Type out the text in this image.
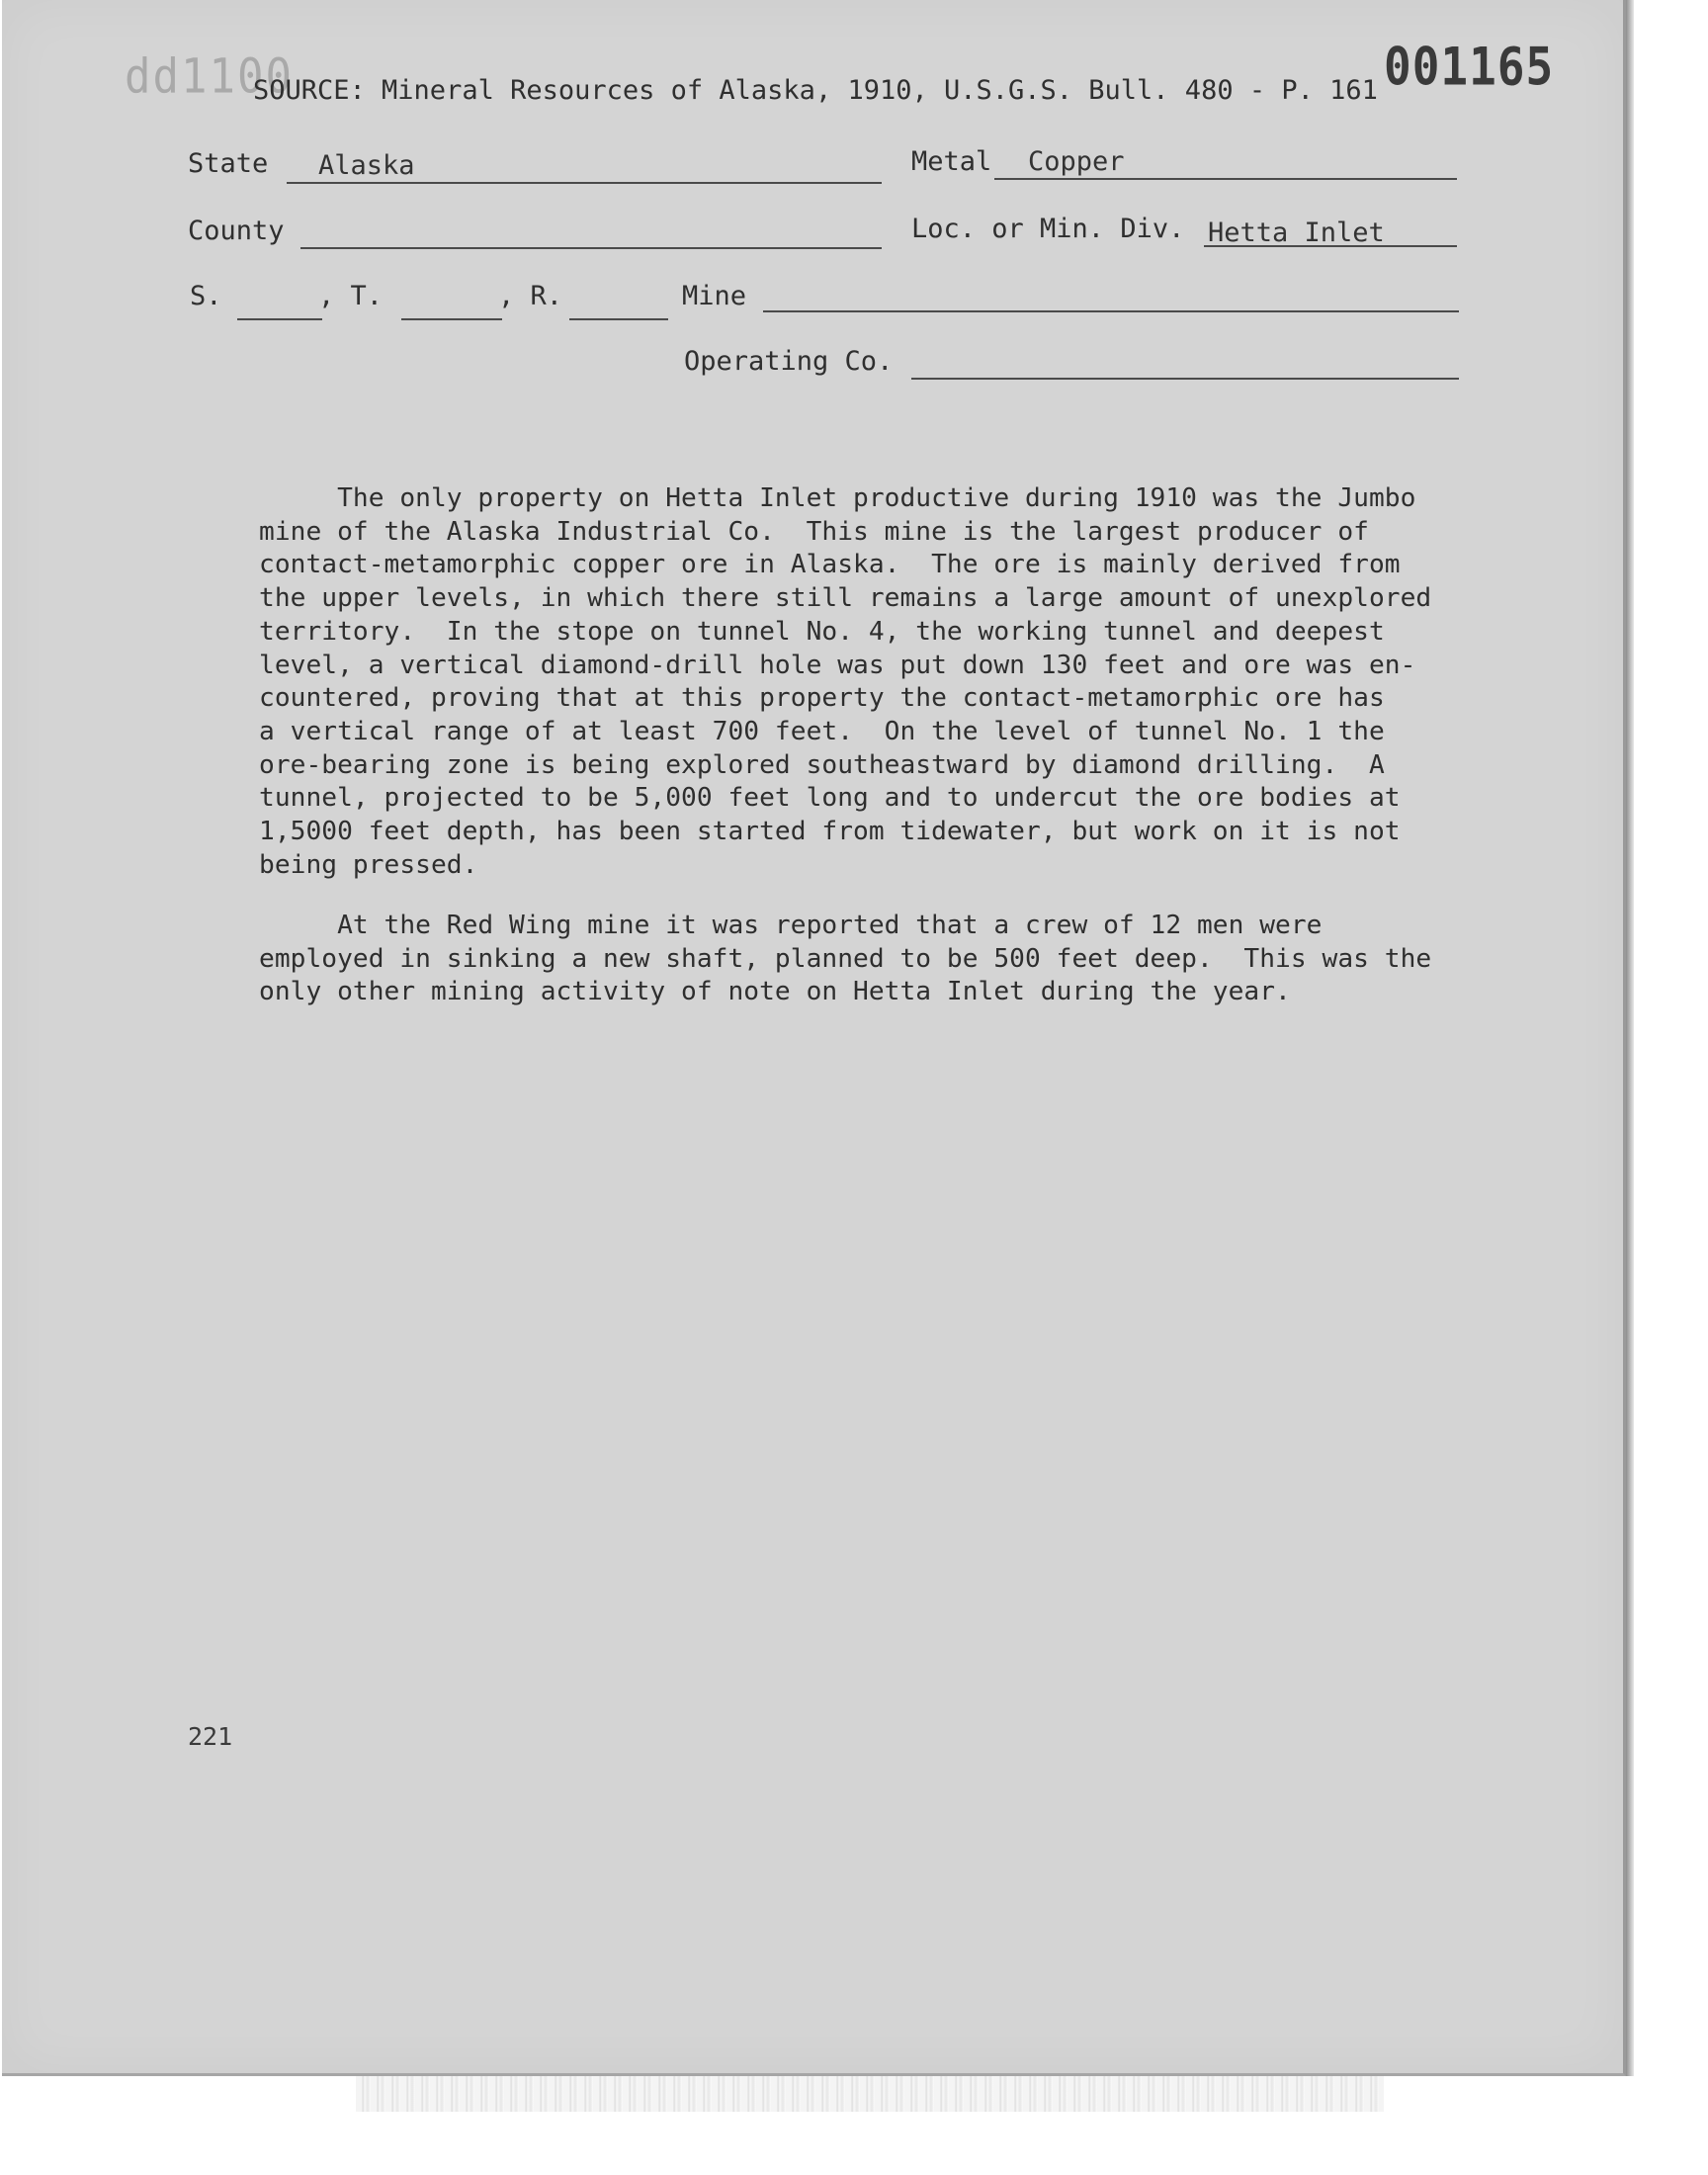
dd1100	001165
SOURCE: Mineral Resources of Alaska, 1910, U.S.G.S. Bull. 480 - P. 161
State Alaska	Metal Copper
County	Loc. or Min. Div. Hetta Inlet
S.	, T.	, R.	Mine
Operating Co.
The only property on Hetta Inlet productive during 1910 was the Jumbo
mine of the Alaska Industrial Co.  This mine is the largest producer of
contact-metamorphic copper ore in Alaska.  The ore is mainly derived from
the upper levels, in which there still remains a large amount of unexplored
territory.  In the stope on tunnel No. 4, the working tunnel and deepest
level, a vertical diamond-drill hole was put down 130 feet and ore was en-
countered, proving that at this property the contact-metamorphic ore has
a vertical range of at least 700 feet.  On the level of tunnel No. 1 the
ore-bearing zone is being explored southeastward by diamond drilling.  A
tunnel, projected to be 5,000 feet long and to undercut the ore bodies at
1,5000 feet depth, has been started from tidewater, but work on it is not
being pressed.
At the Red Wing mine it was reported that a crew of 12 men were
employed in sinking a new shaft, planned to be 500 feet deep.  This was the
only other mining activity of note on Hetta Inlet during the year.
221
